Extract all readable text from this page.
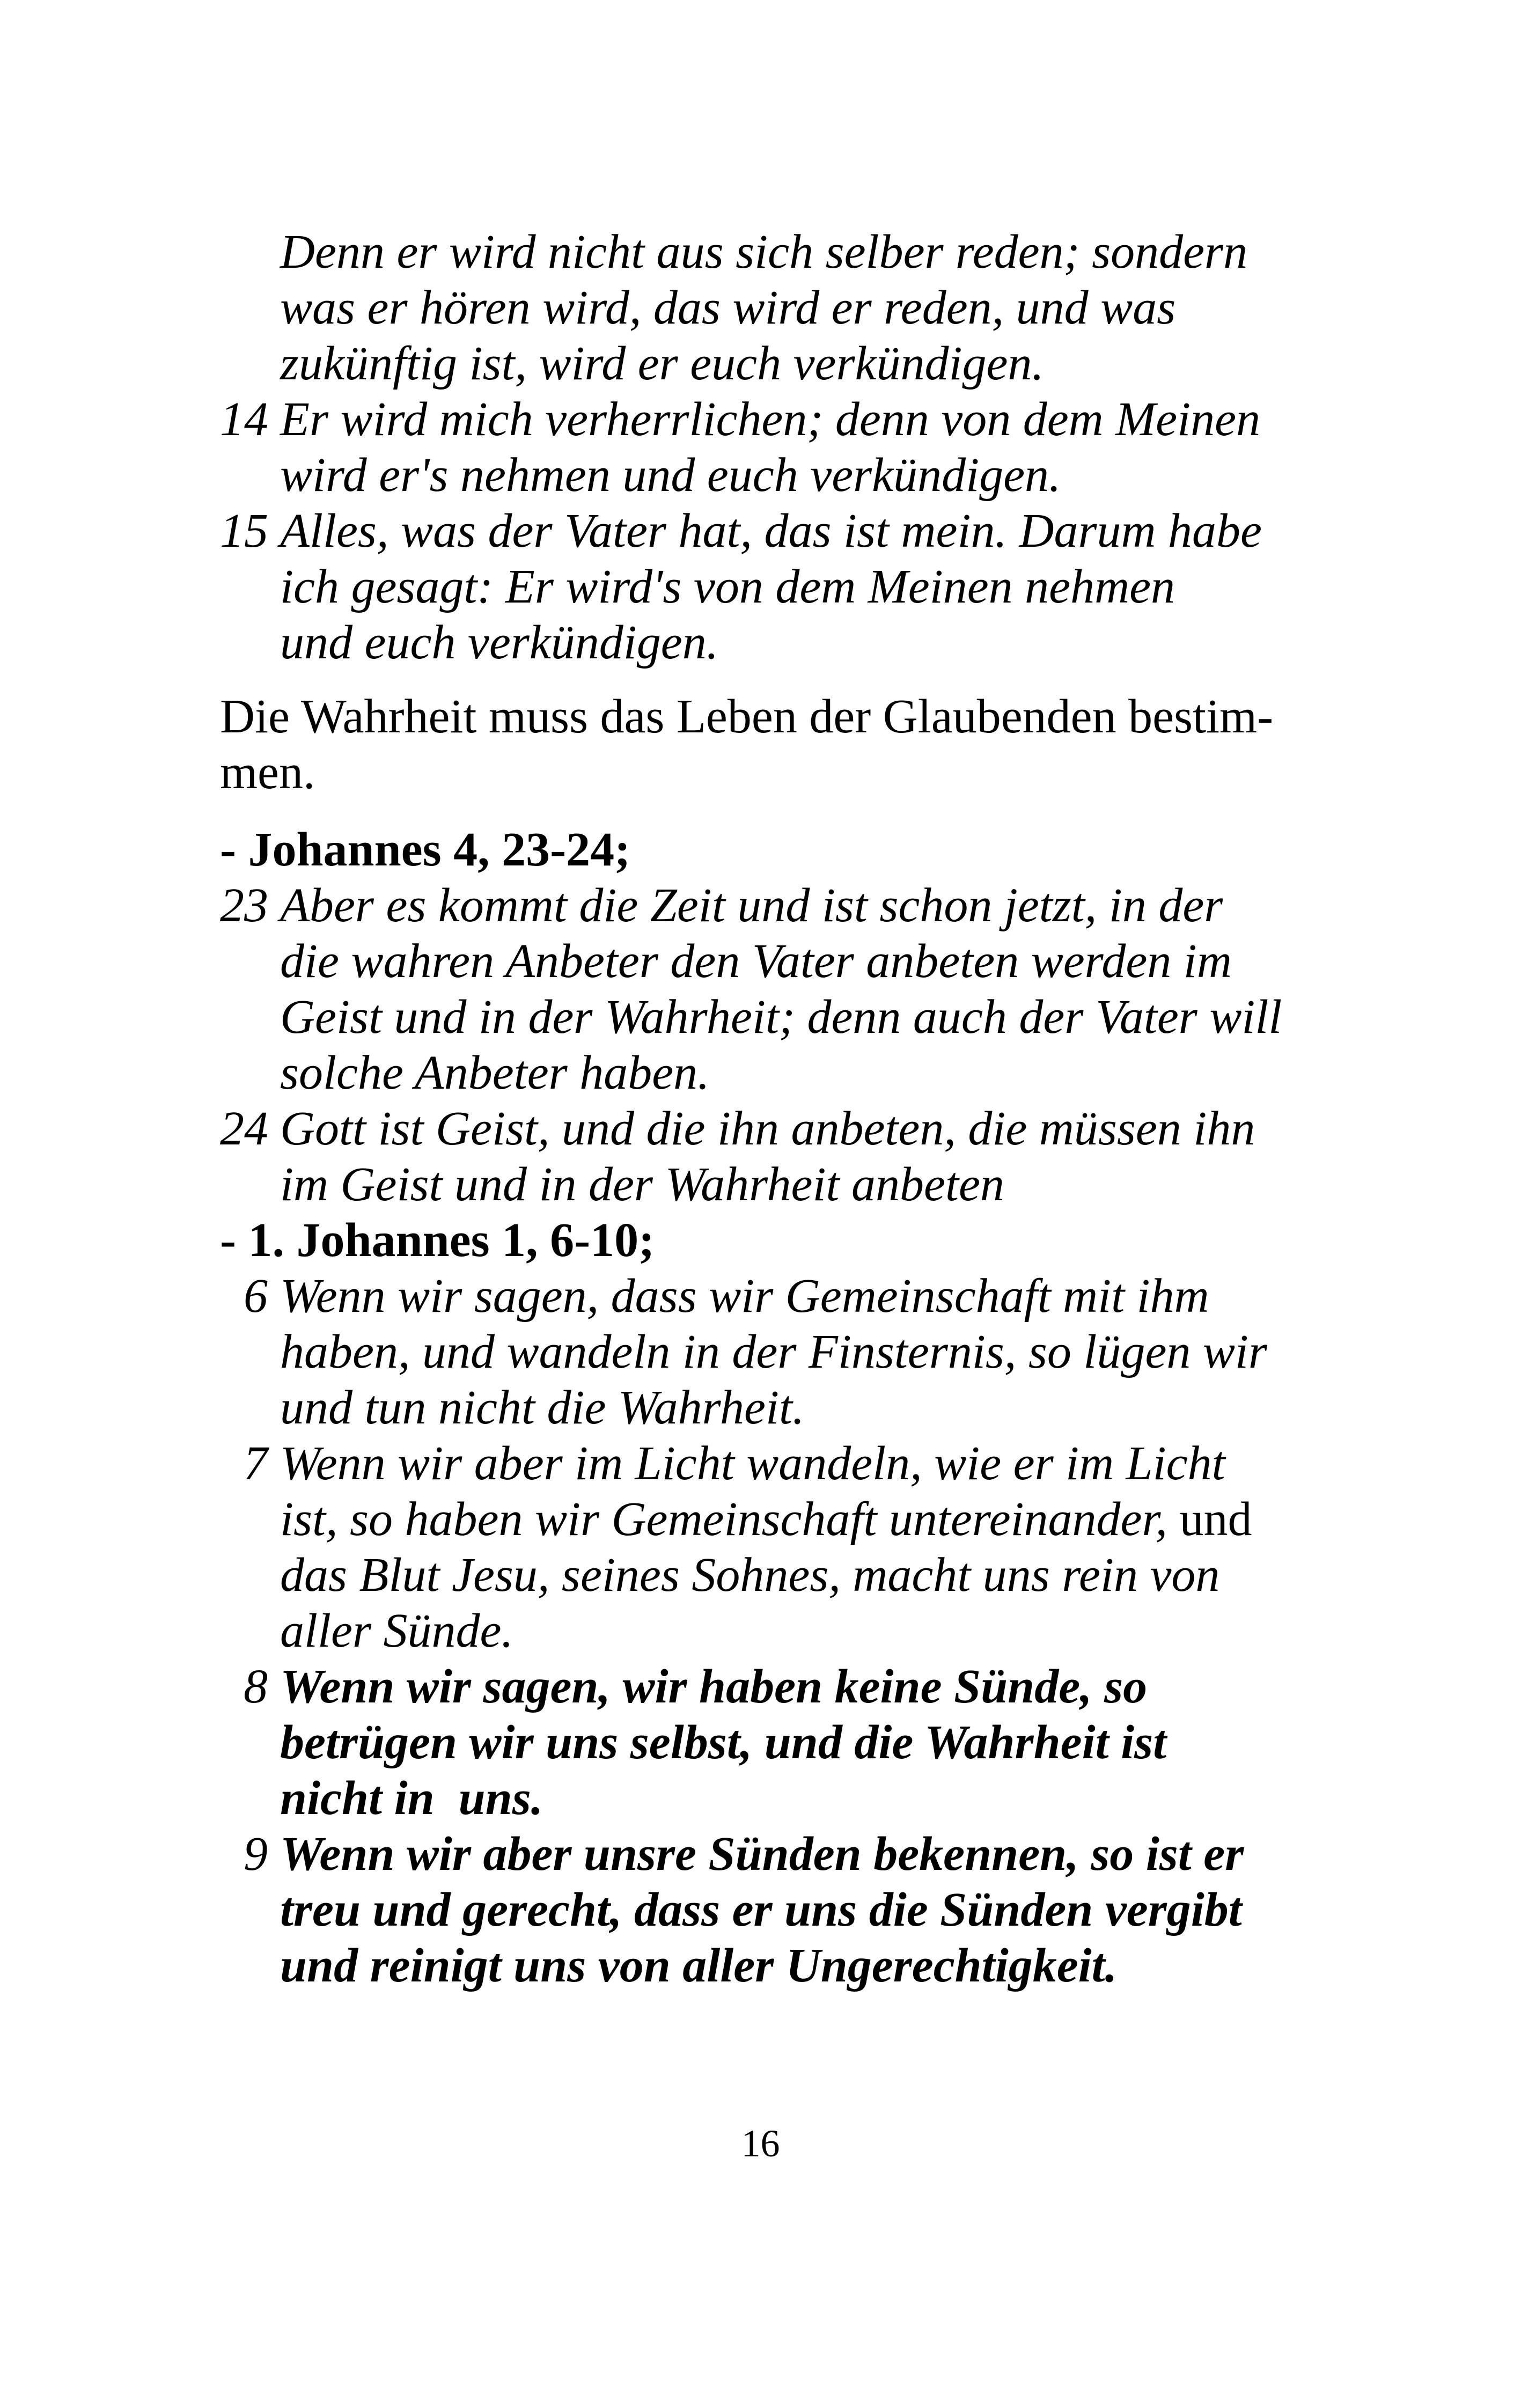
Denn er wird nicht aus sich selber reden; sondern
was er hören wird, das wird er reden, und was
zukünftig ist, wird er euch verkündigen.
14 Er wird mich verherrlichen; denn von dem Meinen
wird er's nehmen und euch verkündigen.
15 Alles, was der Vater hat, das ist mein. Darum habe
ich gesagt: Er wird's von dem Meinen nehmen
und euch verkündigen.
Die Wahrheit muss das Leben der Glaubenden bestim-
men.
- Johannes 4, 23-24;
23 Aber es kommt die Zeit und ist schon jetzt, in der
die wahren Anbeter den Vater anbeten werden im
Geist und in der Wahrheit; denn auch der Vater will
solche Anbeter haben.
24 Gott ist Geist, und die ihn anbeten, die müssen ihn
im Geist und in der Wahrheit anbeten
- 1. Johannes 1, 6-10;
6 Wenn wir sagen, dass wir Gemeinschaft mit ihm
haben, und wandeln in der Finsternis, so lügen wir
und tun nicht die Wahrheit.
7 Wenn wir aber im Licht wandeln, wie er im Licht
ist, so haben wir Gemeinschaft untereinander, und
das Blut Jesu, seines Sohnes, macht uns rein von
aller Sünde.
8 Wenn wir sagen, wir haben keine Sünde, so
betrügen wir uns selbst, und die Wahrheit ist
nicht in  uns.
9 Wenn wir aber unsre Sünden bekennen, so ist er
treu und gerecht, dass er uns die Sünden vergibt
und reinigt uns von aller Ungerechtigkeit.
16
